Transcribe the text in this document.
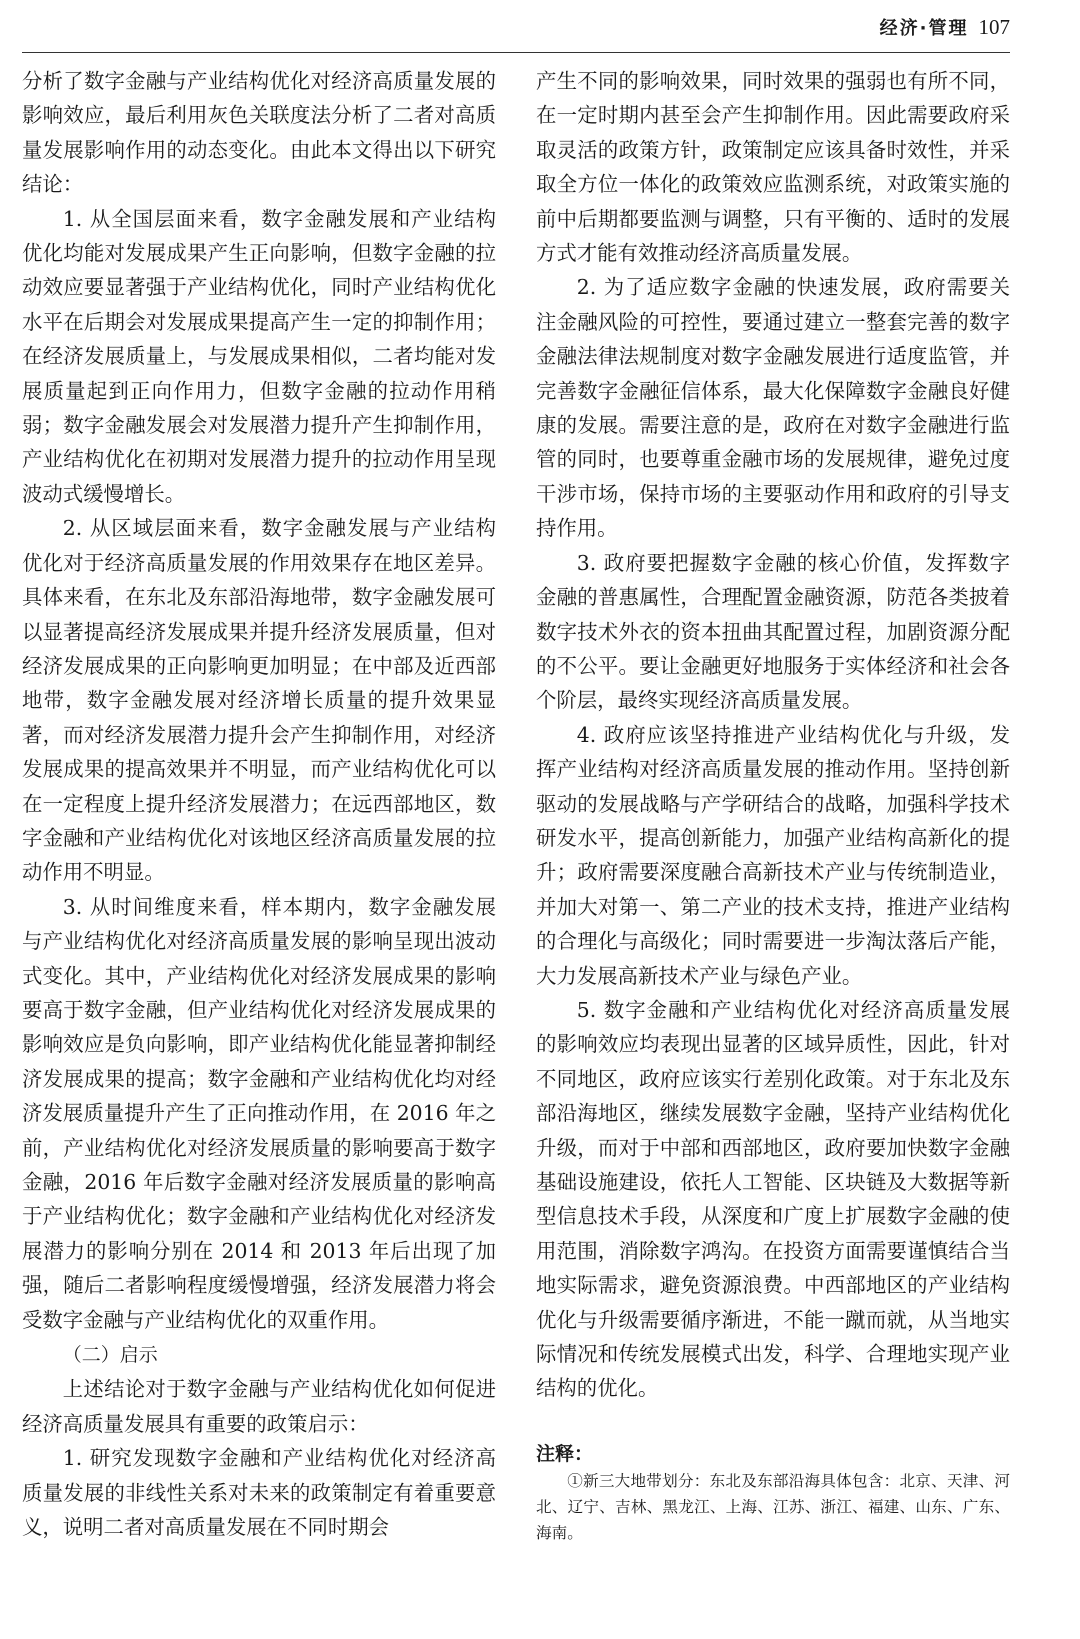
经济·管理 107

分析了数字金融与产业结构优化对经济高质量发展的影响效应，最后利用灰色关联度法分析了二者对高质量发展影响作用的动态变化。由此本文得出以下研究结论：

1. 从全国层面来看，数字金融发展和产业结构优化均能对发展成果产生正向影响，但数字金融的拉动效应要显著强于产业结构优化，同时产业结构优化水平在后期会对发展成果提高产生一定的抑制作用；在经济发展质量上，与发展成果相似，二者均能对发展质量起到正向作用力，但数字金融的拉动作用稍弱；数字金融发展会对发展潜力提升产生抑制作用，产业结构优化在初期对发展潜力提升的拉动作用呈现波动式缓慢增长。

2. 从区域层面来看，数字金融发展与产业结构优化对于经济高质量发展的作用效果存在地区差异。具体来看，在东北及东部沿海地带，数字金融发展可以显著提高经济发展成果并提升经济发展质量，但对经济发展成果的正向影响更加明显；在中部及近西部地带，数字金融发展对经济增长质量的提升效果显著，而对经济发展潜力提升会产生抑制作用，对经济发展成果的提高效果并不明显，而产业结构优化可以在一定程度上提升经济发展潜力；在远西部地区，数字金融和产业结构优化对该地区经济高质量发展的拉动作用不明显。

3. 从时间维度来看，样本期内，数字金融发展与产业结构优化对经济高质量发展的影响呈现出波动式变化。其中，产业结构优化对经济发展成果的影响要高于数字金融，但产业结构优化对经济发展成果的影响效应是负向影响，即产业结构优化能显著抑制经济发展成果的提高；数字金融和产业结构优化均对经济发展质量提升产生了正向推动作用，在 2016 年之前，产业结构优化对经济发展质量的影响要高于数字金融，2016 年后数字金融对经济发展质量的影响高于产业结构优化；数字金融和产业结构优化对经济发展潜力的影响分别在 2014 和 2013 年后出现了加强，随后二者影响程度缓慢增强，经济发展潜力将会受数字金融与产业结构优化的双重作用。

（二）启示

上述结论对于数字金融与产业结构优化如何促进经济高质量发展具有重要的政策启示：

1. 研究发现数字金融和产业结构优化对经济高质量发展的非线性关系对未来的政策制定有着重要意义，说明二者对高质量发展在不同时期会

产生不同的影响效果，同时效果的强弱也有所不同，在一定时期内甚至会产生抑制作用。因此需要政府采取灵活的政策方针，政策制定应该具备时效性，并采取全方位一体化的政策效应监测系统，对政策实施的前中后期都要监测与调整，只有平衡的、适时的发展方式才能有效推动经济高质量发展。

2. 为了适应数字金融的快速发展，政府需要关注金融风险的可控性，要通过建立一整套完善的数字金融法律法规制度对数字金融发展进行适度监管，并完善数字金融征信体系，最大化保障数字金融良好健康的发展。需要注意的是，政府在对数字金融进行监管的同时，也要尊重金融市场的发展规律，避免过度干涉市场，保持市场的主要驱动作用和政府的引导支持作用。

3. 政府要把握数字金融的核心价值，发挥数字金融的普惠属性，合理配置金融资源，防范各类披着数字技术外衣的资本扭曲其配置过程，加剧资源分配的不公平。要让金融更好地服务于实体经济和社会各个阶层，最终实现经济高质量发展。

4. 政府应该坚持推进产业结构优化与升级，发挥产业结构对经济高质量发展的推动作用。坚持创新驱动的发展战略与产学研结合的战略，加强科学技术研发水平，提高创新能力，加强产业结构高新化的提升；政府需要深度融合高新技术产业与传统制造业，并加大对第一、第二产业的技术支持，推进产业结构的合理化与高级化；同时需要进一步淘汰落后产能，大力发展高新技术产业与绿色产业。

5. 数字金融和产业结构优化对经济高质量发展的影响效应均表现出显著的区域异质性，因此，针对不同地区，政府应该实行差别化政策。对于东北及东部沿海地区，继续发展数字金融，坚持产业结构优化升级，而对于中部和西部地区，政府要加快数字金融基础设施建设，依托人工智能、区块链及大数据等新型信息技术手段，从深度和广度上扩展数字金融的使用范围，消除数字鸿沟。在投资方面需要谨慎结合当地实际需求，避免资源浪费。中西部地区的产业结构优化与升级需要循序渐进，不能一蹴而就，从当地实际情况和传统发展模式出发，科学、合理地实现产业结构的优化。

注释：

①新三大地带划分：东北及东部沿海具体包含：北京、天津、河北、辽宁、吉林、黑龙江、上海、江苏、浙江、福建、山东、广东、海南。
